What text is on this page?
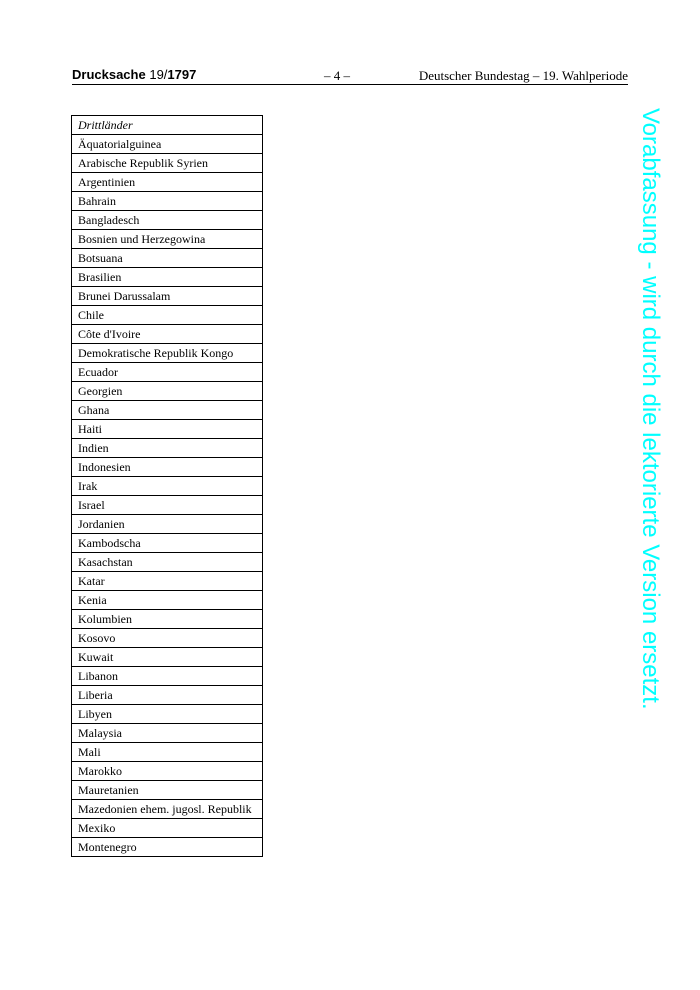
Drucksache 19/1797	– 4 –	Deutscher Bundestag – 19. Wahlperiode
Drittländer
Äquatorialguinea
Arabische Republik Syrien
Argentinien
Bahrain
Bangladesch
Bosnien und Herzegowina
Botsuana
Brasilien
Brunei Darussalam
Chile
Côte d'Ivoire
Demokratische Republik Kongo
Ecuador
Georgien
Ghana
Haiti
Indien
Indonesien
Irak
Israel
Jordanien
Kambodscha
Kasachstan
Katar
Kenia
Kolumbien
Kosovo
Kuwait
Libanon
Liberia
Libyen
Malaysia
Mali
Marokko
Mauretanien
Mazedonien ehem. jugosl. Republik
Mexiko
Montenegro
Vorabfassung - wird durch die lektorierte Version ersetzt.
